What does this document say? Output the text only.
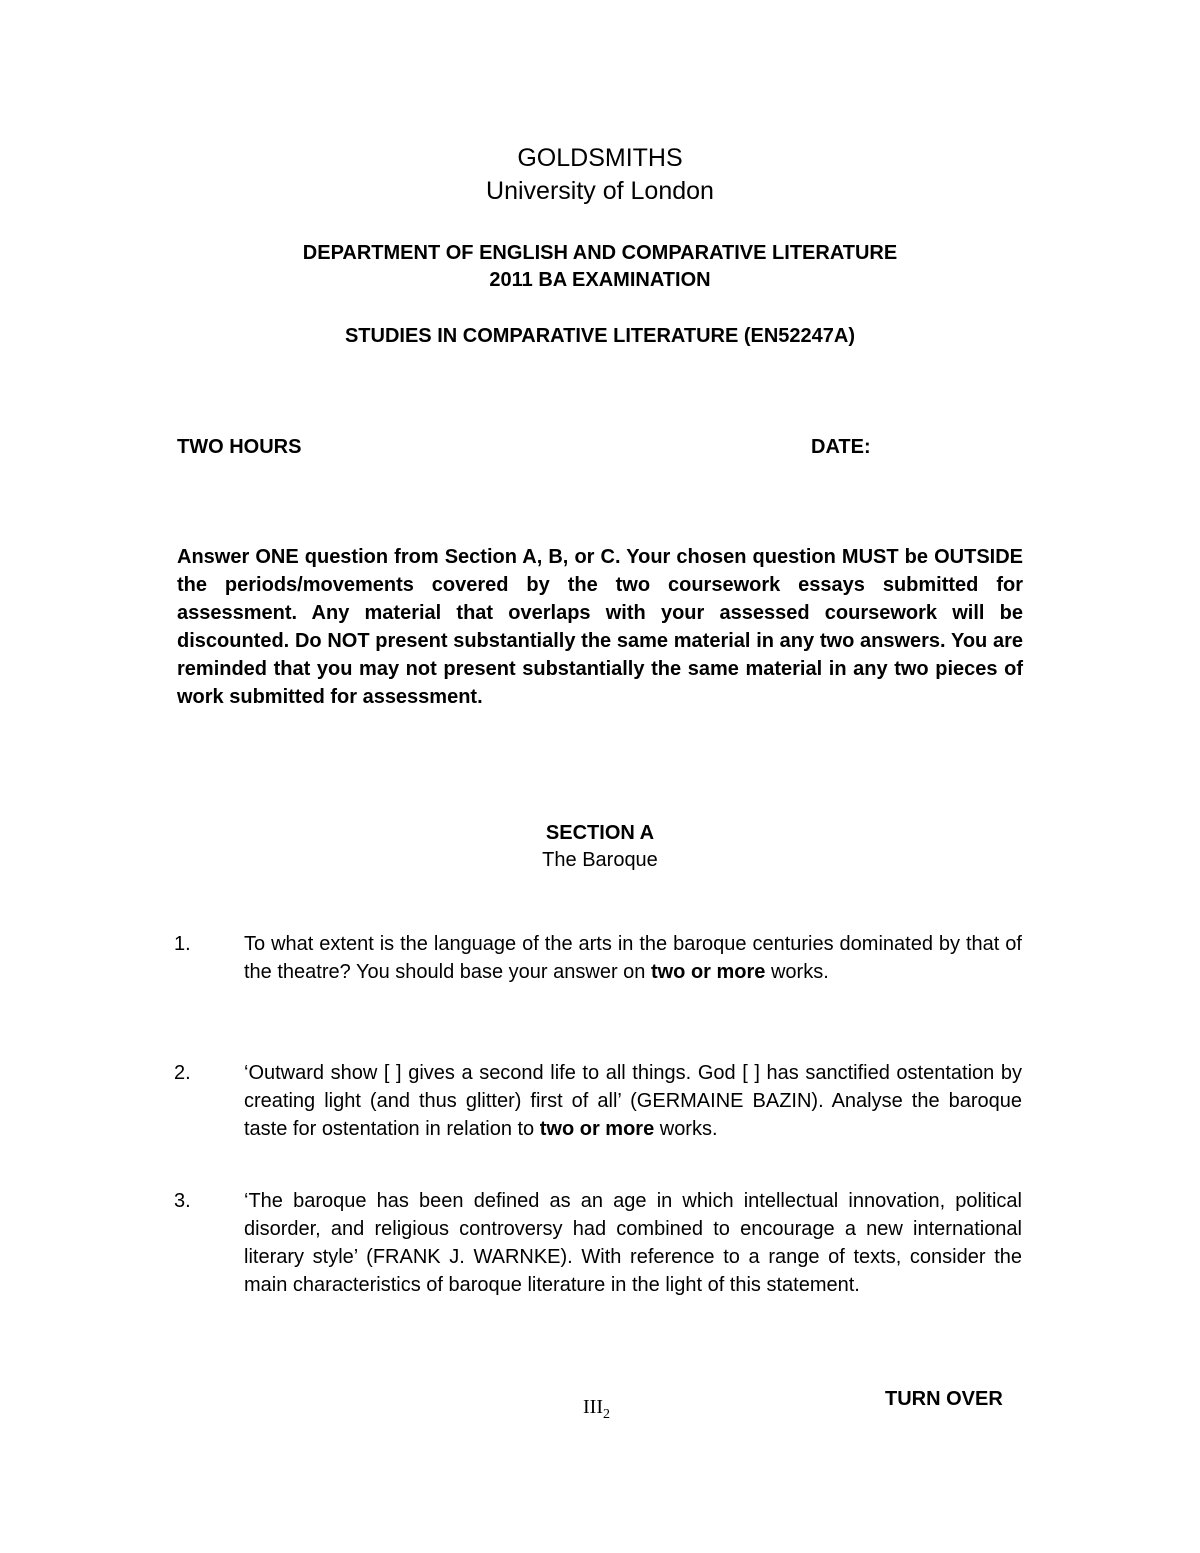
GOLDSMITHS
University of London
DEPARTMENT OF ENGLISH AND COMPARATIVE LITERATURE
2011 BA EXAMINATION
STUDIES IN COMPARATIVE LITERATURE (EN52247A)
TWO HOURS	DATE:
Answer ONE question from Section A, B, or C. Your chosen question MUST be OUTSIDE the periods/movements covered by the two coursework essays submitted for assessment. Any material that overlaps with your assessed coursework will be discounted. Do NOT present substantially the same material in any two answers. You are reminded that you may not present substantially the same material in any two pieces of work submitted for assessment.
SECTION A
The Baroque
1.	To what extent is the language of the arts in the baroque centuries dominated by that of the theatre? You should base your answer on two or more works.
2.	‘Outward show [ ] gives a second life to all things. God [ ] has sanctified ostentation by creating light (and thus glitter) first of all’ (GERMAINE BAZIN). Analyse the baroque taste for ostentation in relation to two or more works.
3.	‘The baroque has been defined as an age in which intellectual innovation, political disorder, and religious controversy had combined to encourage a new international literary style’ (FRANK J. WARNKE). With reference to a range of texts, consider the main characteristics of baroque literature in the light of this statement.
$III_2$
TURN OVER
